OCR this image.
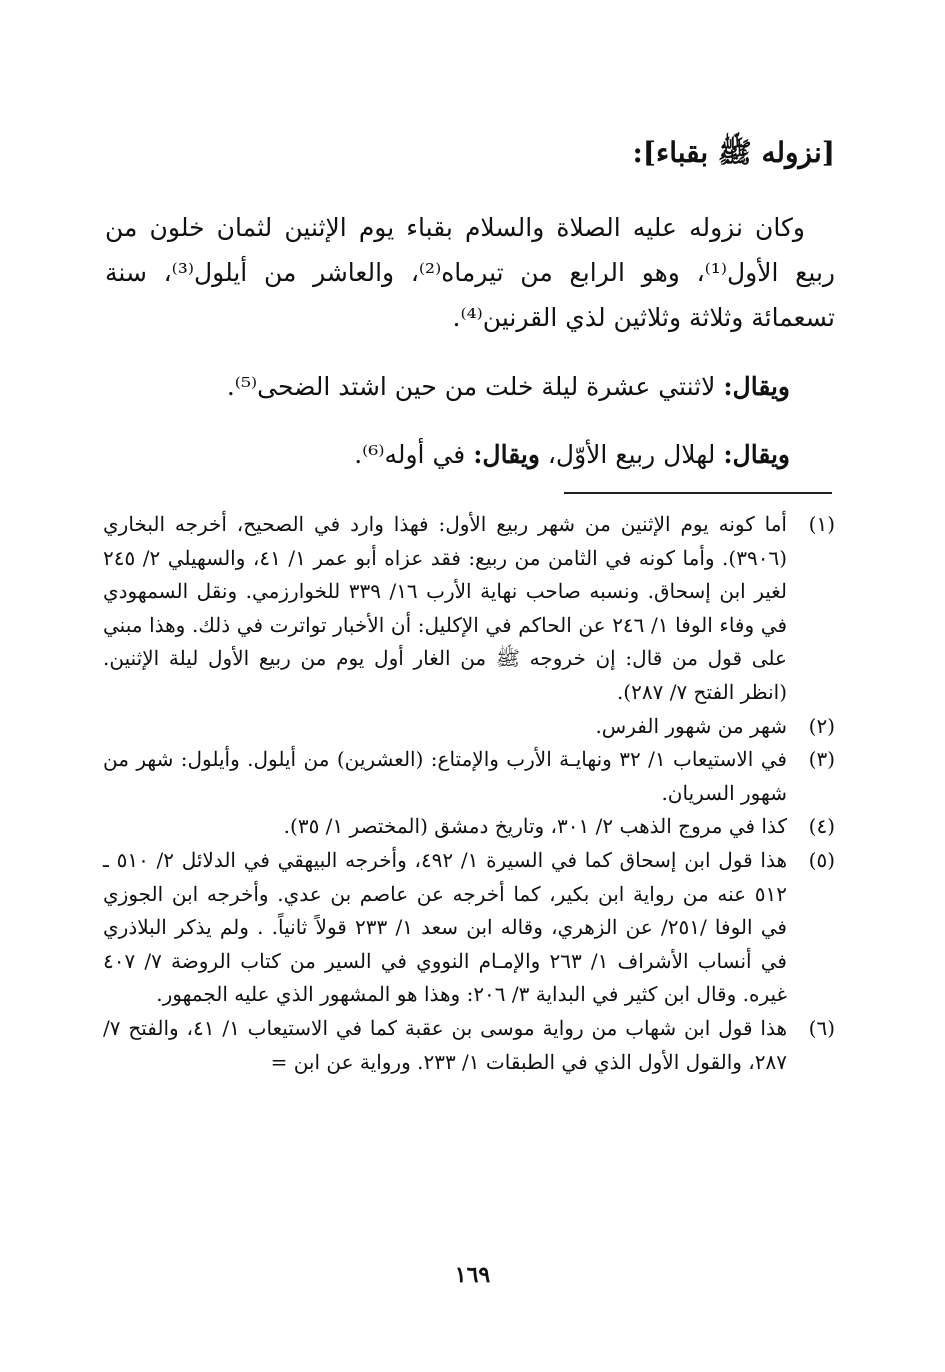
[نزوله ﷺ بقباء]:

وكان نزوله عليه الصلاة والسلام بقباء يوم الإثنين لثمان خلون من ربيع الأول⁽¹⁾، وهو الرابع من تيرماه⁽²⁾، والعاشر من أيلول⁽³⁾، سنة تسعمائة وثلاثة وثلاثين لذي القرنين⁽⁴⁾.

ويقال: لاثنتي عشرة ليلة خلت من حين اشتد الضحى⁽⁵⁾.

ويقال: لهلال ربيع الأوّل، ويقال: في أوله⁽⁶⁾.

(١)
أما كونه يوم الإثنين من شهر ربيع الأول: فهذا وارد في الصحيح، أخرجه البخاري (٣٩٠٦). وأما كونه في الثامن من ربيع: فقد عزاه أبو عمر ١/ ٤١، والسهيلي ٢/ ٢٤٥ لغير ابن إسحاق. ونسبه صاحب نهاية الأرب ١٦/ ٣٣٩ للخوارزمي. ونقل السمهودي في وفاء الوفا ١/ ٢٤٦ عن الحاكم في الإكليل: أن الأخبار تواترت في ذلك. وهذا مبني على قول من قال: إن خروجه ﷺ من الغار أول يوم من ربيع الأول ليلة الإثنين. (انظر الفتح ٧/ ٢٨٧).
(٢)
شهر من شهور الفرس.
(٣)
في الاستيعاب ١/ ٣٢ ونهايـة الأرب والإمتاع: (العشرين) من أيلول. وأيلول: شهر من شهور السريان.
(٤)
كذا في مروج الذهب ٢/ ٣٠١، وتاريخ دمشق (المختصر ١/ ٣٥).
(٥)
هذا قول ابن إسحاق كما في السيرة ١/ ٤٩٢، وأخرجه البيهقي في الدلائل ٢/ ٥١٠ ـ ٥١٢ عنه من رواية ابن بكير، كما أخرجه عن عاصم بن عدي. وأخرجه ابن الجوزي في الوفا /٢٥١/ عن الزهري، وقاله ابن سعد ١/ ٢٣٣ قولاً ثانياً. . ولم يذكر البلاذري في أنساب الأشراف ١/ ٢٦٣ والإمـام النووي في السير من كتاب الروضة ٧/ ٤٠٧ غيره. وقال ابن كثير في البداية ٣/ ٢٠٦: وهذا هو المشهور الذي عليه الجمهور.
(٦)
هذا قول ابن شهاب من رواية موسى بن عقبة كما في الاستيعاب ١/ ٤١، والفتح ٧/ ٢٨٧، والقول الأول الذي في الطبقات ١/ ٢٣٣. ورواية عن ابن =
١٦٩
